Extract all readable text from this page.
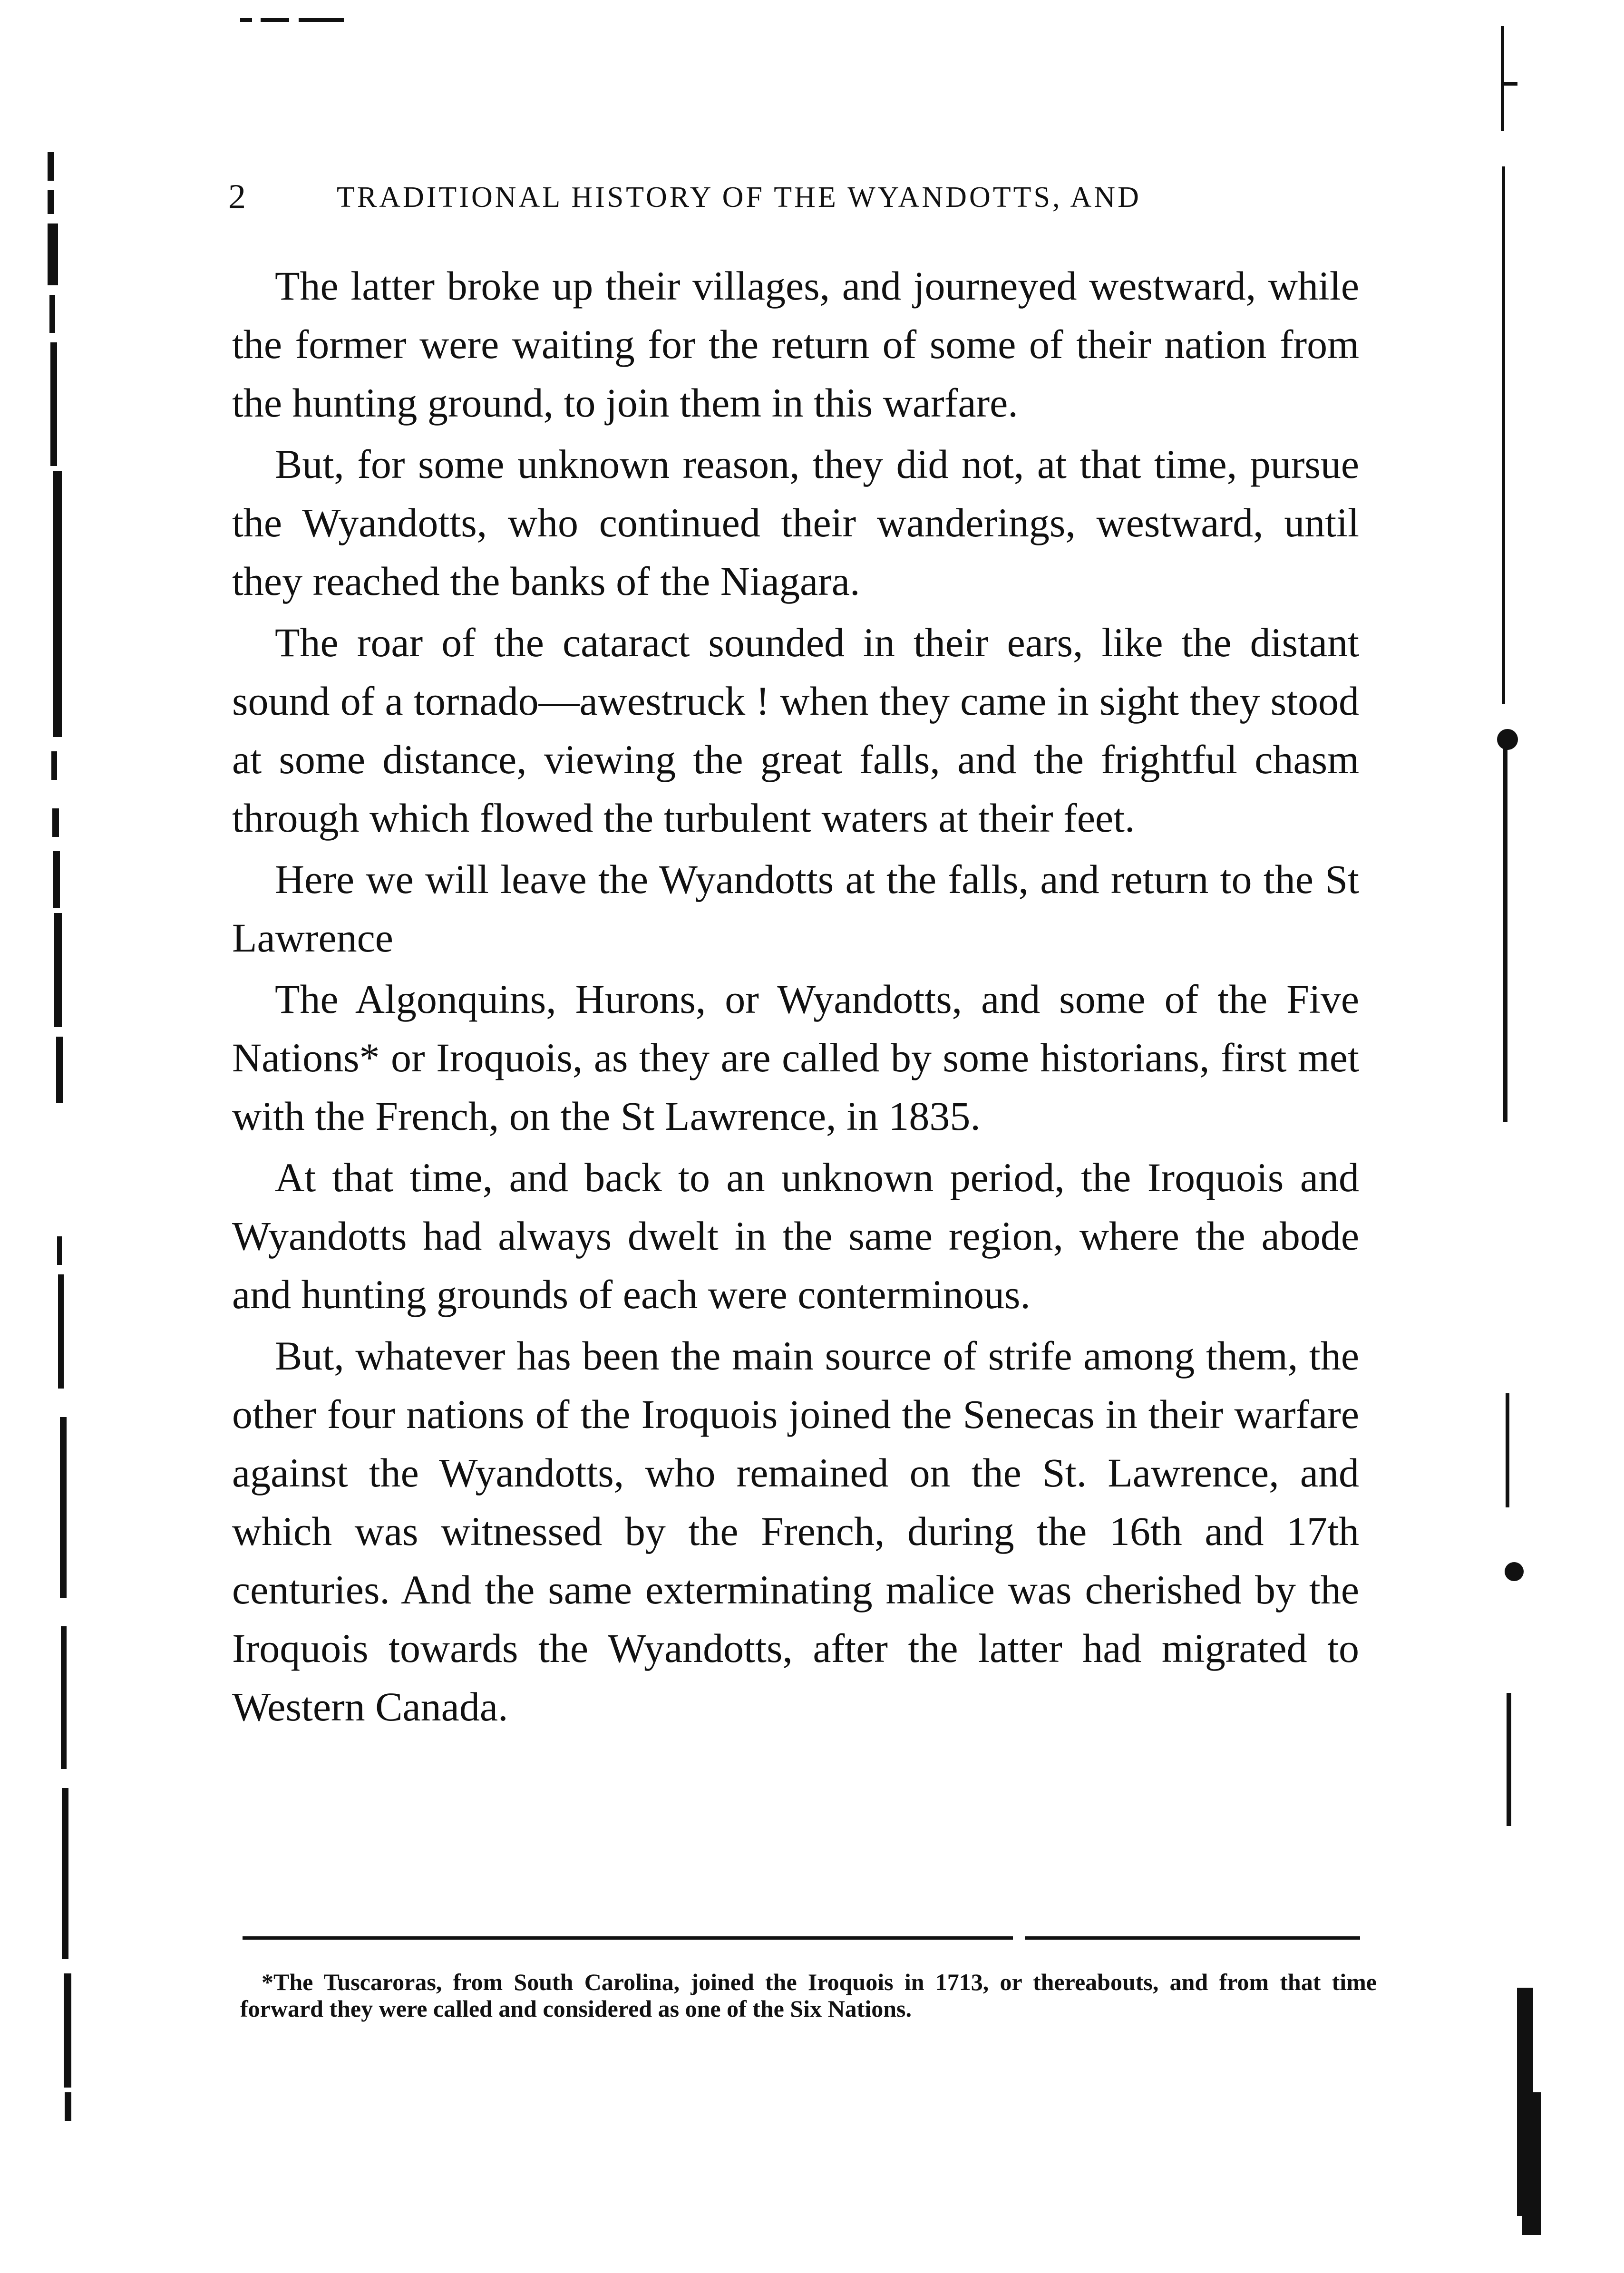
2	TRADITIONAL HISTORY OF THE WYANDOTTS, AND

The latter broke up their villages, and journeyed westward, while the former were waiting for the return of some of their nation from the hunting ground, to join them in this warfare.

But, for some unknown reason, they did not, at that time, pursue the Wyandotts, who continued their wanderings, westward, until they reached the banks of the Niagara.

The roar of the cataract sounded in their ears, like the distant sound of a tornado—awestruck ! when they came in sight they stood at some distance, viewing the great falls, and the frightful chasm through which flowed the turbulent waters at their feet.

Here we will leave the Wyandotts at the falls, and return to the St Lawrence

The Algonquins, Hurons, or Wyandotts, and some of the Five Nations* or Iroquois, as they are called by some historians, first met with the French, on the St Lawrence, in 1835.

At that time, and back to an unknown period, the Iroquois and Wyandotts had always dwelt in the same region, where the abode and hunting grounds of each were conterminous.

But, whatever has been the main source of strife among them, the other four nations of the Iroquois joined the Senecas in their warfare against the Wyandotts, who remained on the St. Lawrence, and which was witnessed by the French, during the 16th and 17th centuries. And the same exterminating malice was cherished by the Iroquois towards the Wyandotts, after the latter had migrated to Western Canada.

*The Tuscaroras, from South Carolina, joined the Iroquois in 1713, or thereabouts, and from that time forward they were called and considered as one of the Six Nations.
